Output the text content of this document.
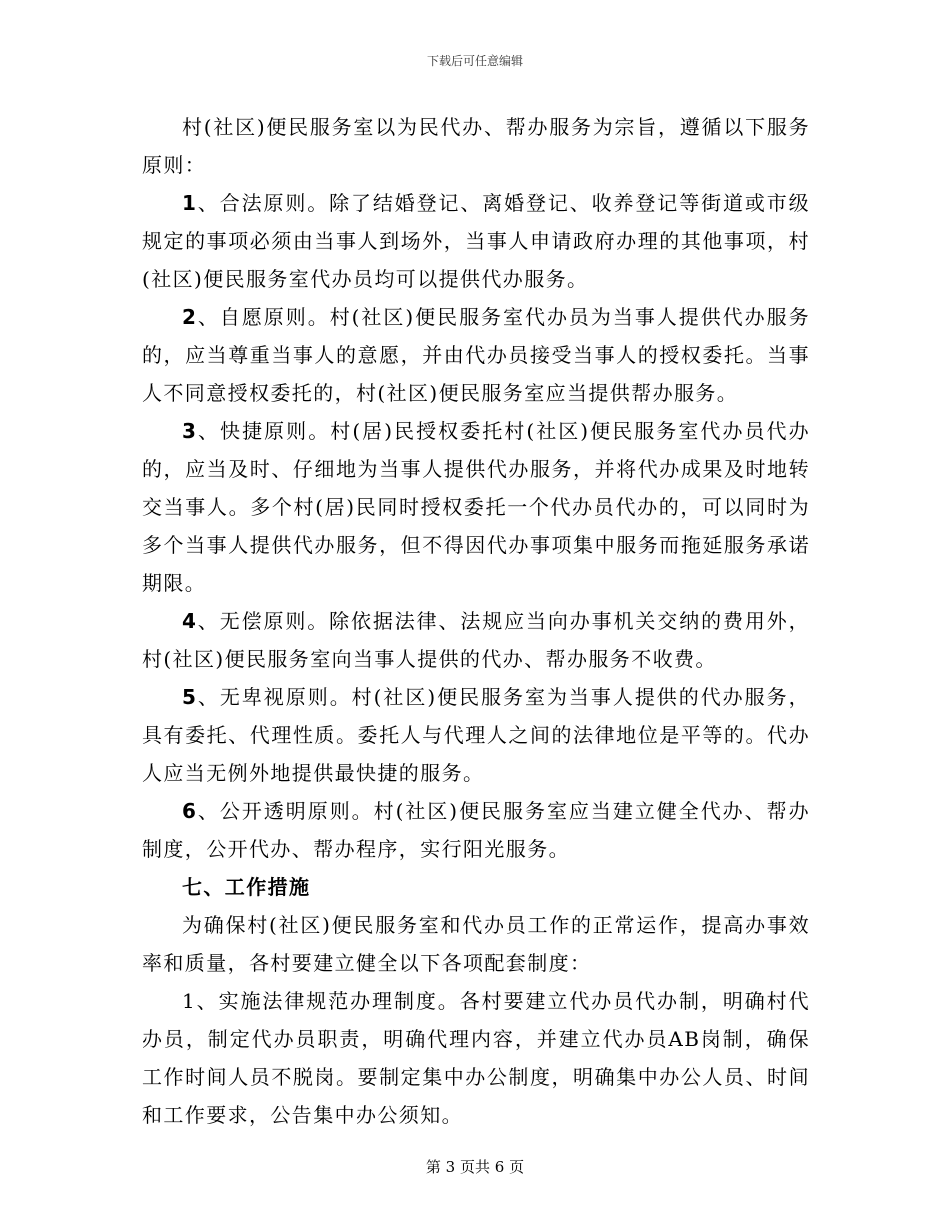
下载后可任意编辑

村(社区)便民服务室以为民代办、帮办服务为宗旨，遵循以下服务原则：

1、合法原则。除了结婚登记、离婚登记、收养登记等街道或市级规定的事项必须由当事人到场外，当事人申请政府办理的其他事项，村(社区)便民服务室代办员均可以提供代办服务。

2、自愿原则。村(社区)便民服务室代办员为当事人提供代办服务的，应当尊重当事人的意愿，并由代办员接受当事人的授权委托。当事人不同意授权委托的，村(社区)便民服务室应当提供帮办服务。

3、快捷原则。村(居)民授权委托村(社区)便民服务室代办员代办的，应当及时、仔细地为当事人提供代办服务，并将代办成果及时地转交当事人。多个村(居)民同时授权委托一个代办员代办的，可以同时为多个当事人提供代办服务，但不得因代办事项集中服务而拖延服务承诺期限。

4、无偿原则。除依据法律、法规应当向办事机关交纳的费用外，村(社区)便民服务室向当事人提供的代办、帮办服务不收费。

5、无卑视原则。村(社区)便民服务室为当事人提供的代办服务，具有委托、代理性质。委托人与代理人之间的法律地位是平等的。代办人应当无例外地提供最快捷的服务。

6、公开透明原则。村(社区)便民服务室应当建立健全代办、帮办制度，公开代办、帮办程序，实行阳光服务。

七、工作措施

为确保村(社区)便民服务室和代办员工作的正常运作，提高办事效率和质量，各村要建立健全以下各项配套制度：

1、实施法律规范办理制度。各村要建立代办员代办制，明确村代办员，制定代办员职责，明确代理内容，并建立代办员AB岗制，确保工作时间人员不脱岗。要制定集中办公制度，明确集中办公人员、时间和工作要求，公告集中办公须知。

第 3 页共 6 页
